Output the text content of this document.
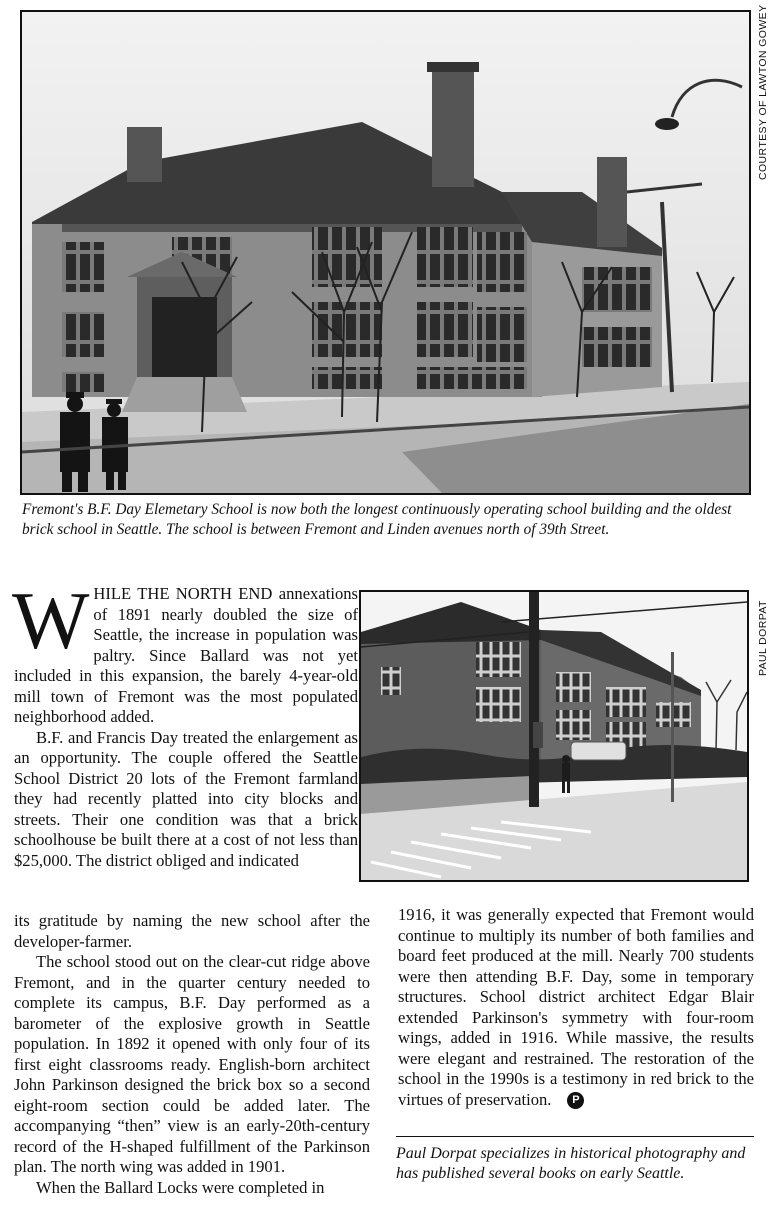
COURTESY OF LAWTON GOWEY

Fremont's B.F. Day Elemetary School is now both the longest continuously operating school building and the oldest brick school in Seattle. The school is between Fremont and Linden avenues north of 39th Street.

PAUL DORPAT

WHILE THE NORTH END annexations of 1891 nearly doubled the size of Seattle, the increase in population was paltry. Since Ballard was not yet included in this expansion, the barely 4-year-old mill town of Fremont was the most populated neighborhood added.

B.F. and Francis Day treated the enlargement as an opportunity. The couple offered the Seattle School District 20 lots of the Fremont farmland they had recently platted into city blocks and streets. Their one condition was that a brick schoolhouse be built there at a cost of not less than $25,000. The district obliged and indicated

its gratitude by naming the new school after the developer-farmer.

The school stood out on the clear-cut ridge above Fremont, and in the quarter century needed to complete its campus, B.F. Day performed as a barometer of the explosive growth in Seattle population. In 1892 it opened with only four of its first eight classrooms ready. English-born architect John Parkinson designed the brick box so a second eight-room section could be added later. The accompanying “then” view is an early-20th-century record of the H-shaped fulfillment of the Parkinson plan. The north wing was added in 1901.

When the Ballard Locks were completed in

1916, it was generally expected that Fremont would continue to multiply its number of both families and board feet produced at the mill. Nearly 700 students were then attending B.F. Day, some in temporary structures. School district architect Edgar Blair extended Parkinson's symmetry with four-room wings, added in 1916. While massive, the results were elegant and restrained. The restoration of the school in the 1990s is a testimony in red brick to the virtues of preservation. P

Paul Dorpat specializes in historical photography and has published several books on early Seattle.
